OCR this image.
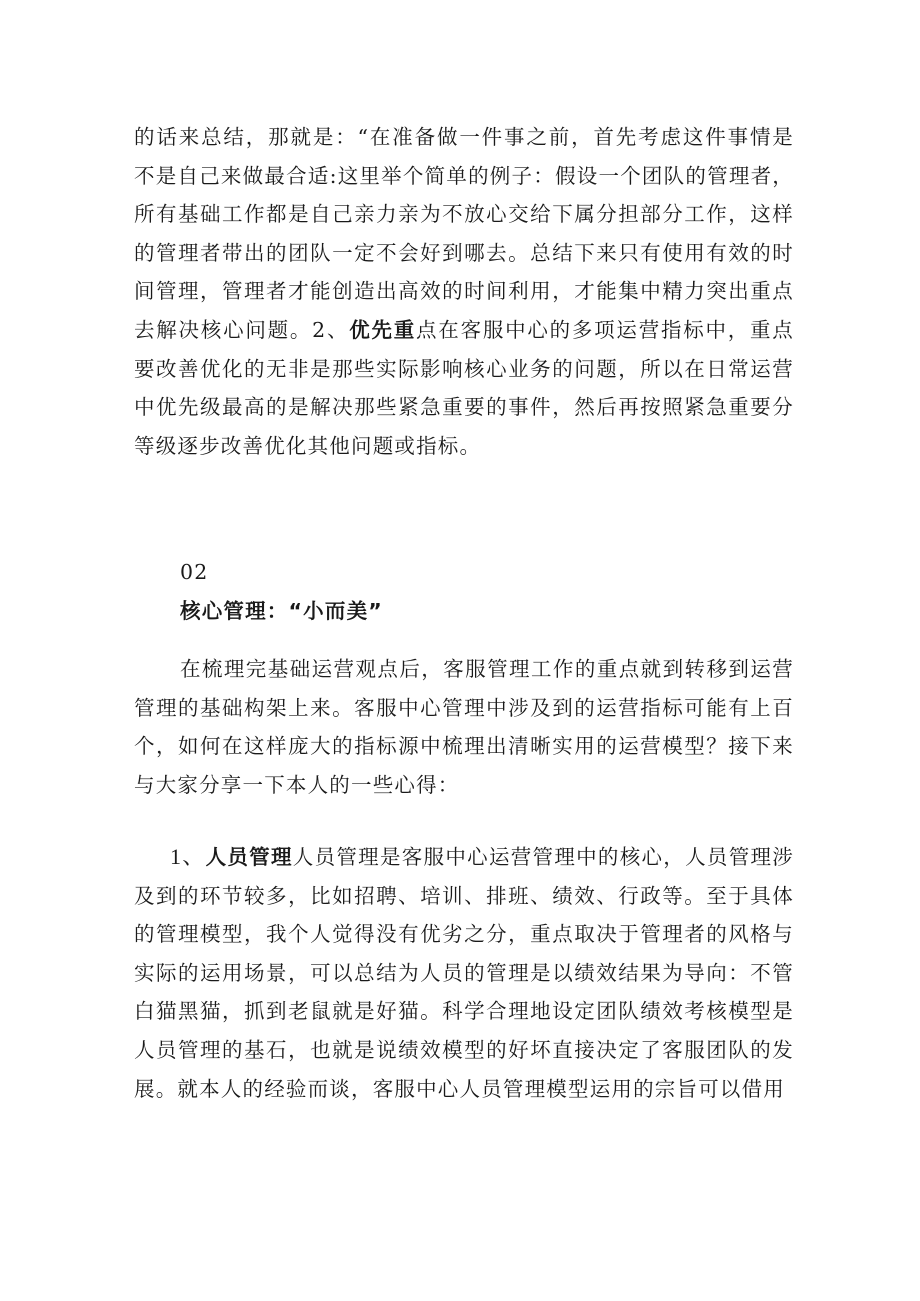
的话来总结，那就是：“在准备做一件事之前，首先考虑这件事情是不是自己来做最合适:这里举个简单的例子：假设一个团队的管理者，所有基础工作都是自己亲力亲为不放心交给下属分担部分工作，这样的管理者带出的团队一定不会好到哪去。总结下来只有使用有效的时间管理，管理者才能创造出高效的时间利用，才能集中精力突出重点去解决核心问题。2、优先重点在客服中心的多项运营指标中，重点要改善优化的无非是那些实际影响核心业务的问题，所以在日常运营中优先级最高的是解决那些紧急重要的事件，然后再按照紧急重要分等级逐步改善优化其他问题或指标。

02

核心管理：“小而美”

在梳理完基础运营观点后，客服管理工作的重点就到转移到运营管理的基础构架上来。客服中心管理中涉及到的运营指标可能有上百个，如何在这样庞大的指标源中梳理出清晰实用的运营模型？接下来与大家分享一下本人的一些心得：

1、人员管理人员管理是客服中心运营管理中的核心，人员管理涉及到的环节较多，比如招聘、培训、排班、绩效、行政等。至于具体的管理模型，我个人觉得没有优劣之分，重点取决于管理者的风格与实际的运用场景，可以总结为人员的管理是以绩效结果为导向：不管白猫黑猫，抓到老鼠就是好猫。科学合理地设定团队绩效考核模型是人员管理的基石，也就是说绩效模型的好坏直接决定了客服团队的发展。就本人的经验而谈，客服中心人员管理模型运用的宗旨可以借用
